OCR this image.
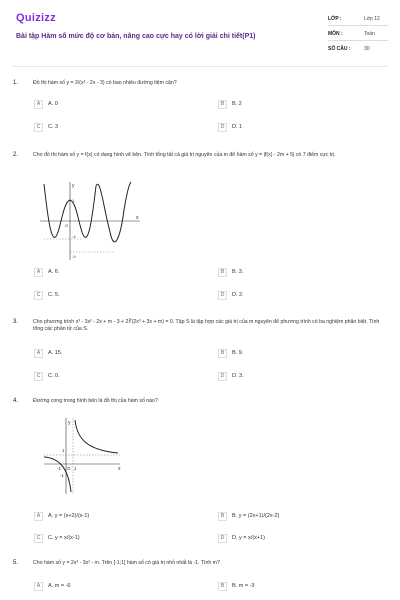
Quizizz
Bài tập Hàm số mức độ cơ bản, nâng cao cực hay có lời giải chi tiết(P1)
LỚP :	Lớp 12
MÔN :	Toán
SỐ CÂU :	30
1.	Đồ thị hàm số y = 2/(x² - 2x - 3) có bao nhiêu đường tiệm cận?
A	A. 0	B	B. 2
C	C. 3	D	D. 1
2.	Cho đồ thị hàm số y = f(x) có dạng hình vẽ bên. Tính tổng tất cả giá trị nguyên của m để hàm số y = |f(x) - 2m + 5| có 7 điểm cực trị.
y
x
O
1
-4
-9
A	A. 6.	B	B. 3.
C	C. 5.	D	D. 2.
3.	Cho phương trình x³ - 3x² - 2x + m - 3 + 2∛(2x³ + 3x + m) = 0. Tập S là tập hợp các giá trị của m nguyên để phương trình có ba nghiệm phân biệt. Tính tổng các phần tử của S.
A	A. 15.	B	B. 9.
C	C. 0.	D	D. 3.
4.	Đường cong trong hình bên là đồ thị của hàm số nào?
y
x
1
O 1
-1
-1
A	A. y = (x+2)/(x-1)	B	B. y = (2x+1)/(2x-2)
C	C. y = x/(x-1)	D	D. y = x/(x+1)
5.	Cho hàm số y = 2x³ - 3x² - m. Trên [-1;1] hàm số có giá trị nhỏ nhất là -1. Tính m?
A	A. m = -6	B	B. m = -3
